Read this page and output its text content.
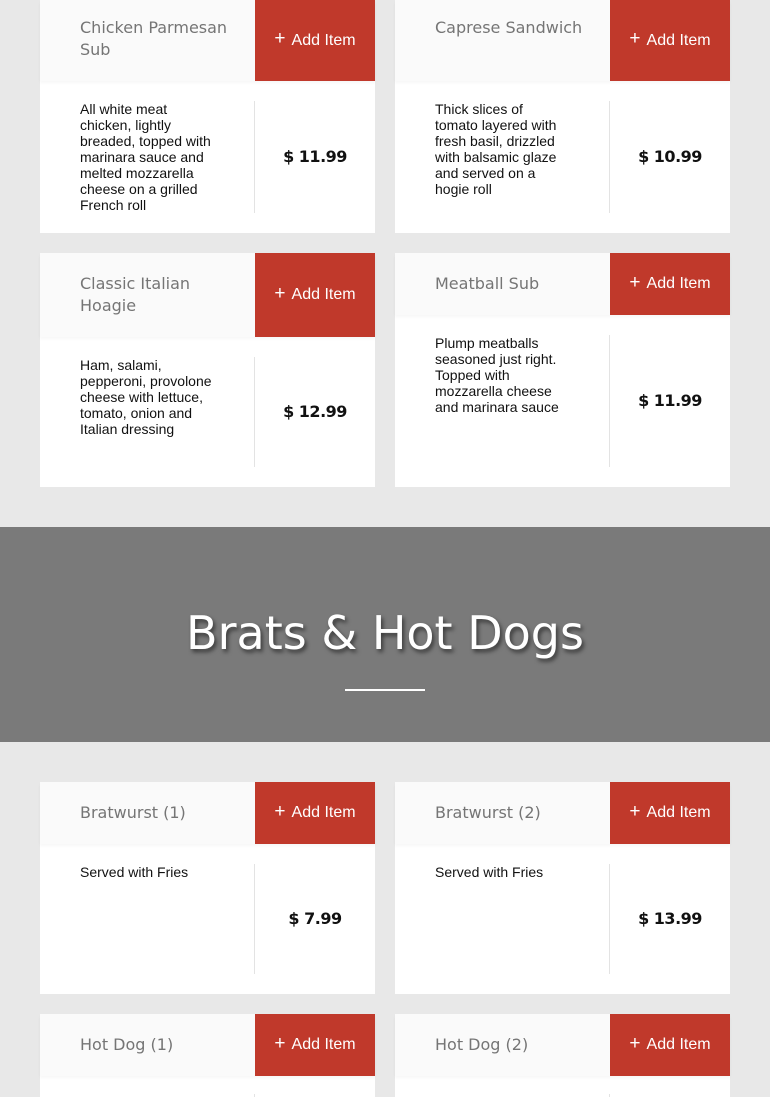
Chicken Parmesan Sub
+ Add Item
All white meat chicken, lightly breaded, topped with marinara sauce and melted mozzarella cheese on a grilled French roll
$ 11.99
Caprese Sandwich
+ Add Item
Thick slices of tomato layered with fresh basil, drizzled with balsamic glaze and served on a hogie roll
$ 10.99
Classic Italian Hoagie
+ Add Item
Ham, salami, pepperoni, provolone cheese with lettuce, tomato, onion and Italian dressing
$ 12.99
Meatball Sub	+ Add Item
Plump meatballs seasoned just right. Topped with mozzarella cheese and marinara sauce	$ 11.99
Brats & Hot Dogs
Bratwurst (1)	+ Add Item
Served with Fries
$ 7.99
Bratwurst (2)	+ Add Item
Served with Fries
$ 13.99
Hot Dog (1)	+ Add Item	Hot Dog (2)	+ Add Item
